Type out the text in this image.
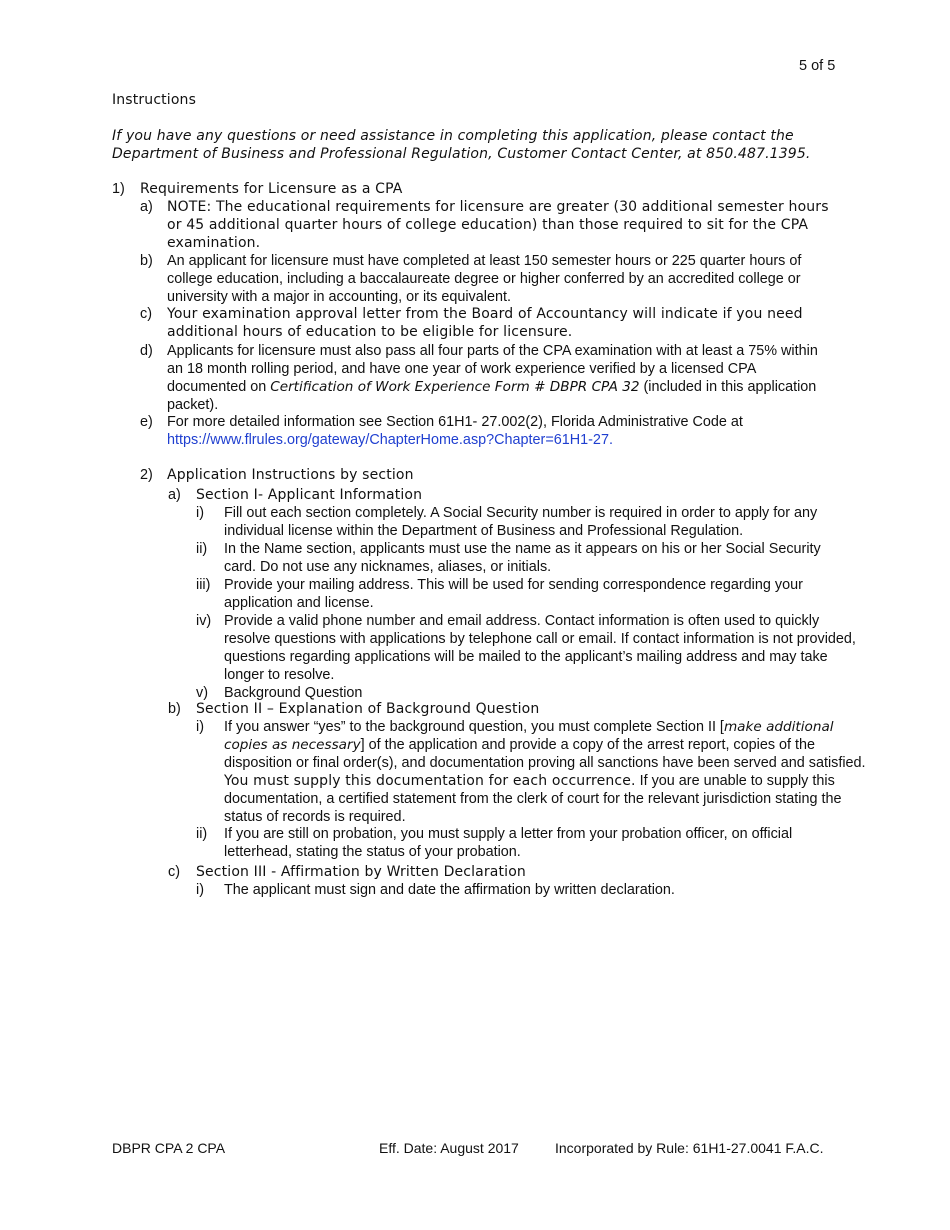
5 of 5
Instructions
If you have any questions or need assistance in completing this application, please contact the Department of Business and Professional Regulation, Customer Contact Center, at 850.487.1395.
1) Requirements for Licensure as a CPA
a) NOTE: The educational requirements for licensure are greater (30 additional semester hours or 45 additional quarter hours of college education) than those required to sit for the CPA examination.

b) An applicant for licensure must have completed at least 150 semester hours or 225 quarter hours of college education, including a baccalaureate degree or higher conferred by an accredited college or university with a major in accounting, or its equivalent.

c) Your examination approval letter from the Board of Accountancy will indicate if you need additional hours of education to be eligible for licensure.

d) Applicants for licensure must also pass all four parts of the CPA examination with at least a 75% within an 18 month rolling period, and have one year of work experience verified by a licensed CPA documented on Certification of Work Experience Form # DBPR CPA 32 (included in this application packet).

e) For more detailed information see Section 61H1- 27.002(2), Florida Administrative Code at
https://www.flrules.org/gateway/ChapterHome.asp?Chapter=61H1-27.

2) Application Instructions by section
a) Section I- Applicant Information
i) Fill out each section completely. A Social Security number is required in order to apply for any individual license within the Department of Business and Professional Regulation.

ii) In the Name section, applicants must use the name as it appears on his or her Social Security card. Do not use any nicknames, aliases, or initials.

iii) Provide your mailing address. This will be used for sending correspondence regarding your application and license.

iv) Provide a valid phone number and email address. Contact information is often used to quickly resolve questions with applications by telephone call or email. If contact information is not provided, questions regarding applications will be mailed to the applicant’s mailing address and may take longer to resolve.

v) Background Question

b) Section II – Explanation of Background Question
i) If you answer “yes” to the background question, you must complete Section II [make additional copies as necessary] of the application and provide a copy of the arrest report, copies of the disposition or final order(s), and documentation proving all sanctions have been served and satisfied. You must supply this documentation for each occurrence. If you are unable to supply this documentation, a certified statement from the clerk of court for the relevant jurisdiction stating the status of records is required.

ii) If you are still on probation, you must supply a letter from your probation officer, on official letterhead, stating the status of your probation.

c) Section III - Affirmation by Written Declaration
i) The applicant must sign and date the affirmation by written declaration.

DBPR CPA 2 CPA	Eff. Date: August 2017	Incorporated by Rule: 61H1-27.0041 F.A.C.
